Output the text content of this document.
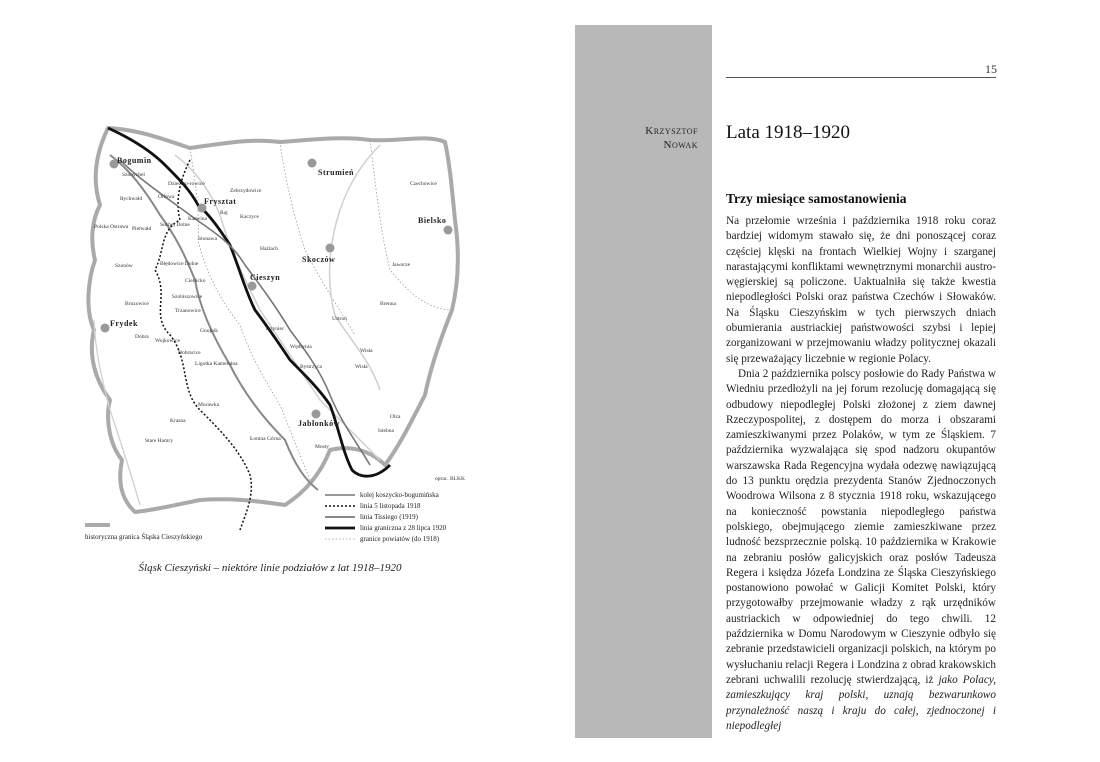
Bogumin
Frysztat
Strumień
Bielsko
Skoczów
Cieszyn
Frydek
Jabłonków
Szonychel
Dziećmo-rowice
Rychwałd	Orłowa
Karwina
Polska Ostrawa Pietwałd
Suchej Dolne
Stonawa
Zebrzydowice
Raj
Kaczyce
Hażlach
Szonów	Błędowice Dolne
Cierlicko
Szobiszowice
Trzanowice
Bruzowice
Dobra
Wojkowice
Gnojnik	Trzyniec
Wędrynia
Dobracice
Ligotka Kameralna	Bystrzyca
Morawka
Krasna
Stare Hamry	Łomna Górna
Mosty
Istebna
Wisła
Ustroń
Brenna
Jaworze
Czechowice
Olza
Wisła
oprac. BLKK
kolej koszycko-bogumińska
linia 5 listopada 1918
linia Tissiego (1919)
linia graniczna z 28 lipca 1920
granice powiatów (do 1918)
historyczna granica Śląska Cieszyńskiego
Śląsk Cieszyński – niektóre linie podziałów z lat 1918–1920
15
Krzysztof Nowak
Lata 1918–1920
Trzy miesiące samostanowienia

Na przełomie września i października 1918 roku coraz bardziej widomym stawało się, że dni ponoszącej coraz częściej klęski na frontach Wielkiej Wojny i szarganej narastającymi konfliktami wewnętrznymi monarchii austro-węgierskiej są policzone. Uaktualniła się także kwestia niepodległości Polski oraz państwa Czechów i Słowaków. Na Śląsku Cieszyńskim w tych pierwszych dniach obumierania austriackiej państwowości szybsi i lepiej zorganizowani w przejmowaniu władzy politycznej okazali się przeważający liczebnie w regionie Polacy.

Dnia 2 października polscy posłowie do Rady Państwa w Wiedniu przedłożyli na jej forum rezolucję domagającą się odbudowy niepodległej Polski złożonej z ziem dawnej Rzeczypospolitej, z dostępem do morza i obszarami zamieszkiwanymi przez Polaków, w tym ze Śląskiem. 7 października wyzwalająca się spod nadzoru okupantów warszawska Rada Regencyjna wydała odezwę nawiązującą do 13 punktu orędzia prezydenta Stanów Zjednoczonych Woodrowa Wilsona z 8 stycznia 1918 roku, wskazującego na konieczność powstania niepodległego państwa polskiego, obejmującego ziemie zamieszkiwane przez ludność bezsprzecznie polską. 10 października w Krakowie na zebraniu posłów galicyjskich oraz posłów Tadeusza Regera i księdza Józefa Londzina ze Śląska Cieszyńskiego postanowiono powołać w Galicji Komitet Polski, który przygotowałby przejmowanie władzy z rąk urzędników austriackich w odpowiedniej do tego chwili. 12 października w Domu Narodowym w Cieszynie odbyło się zebranie przedstawicieli organizacji polskich, na którym po wysłuchaniu relacji Regera i Londzina z obrad krakowskich zebrani uchwalili rezolucję stwierdzającą, iż jako Polacy, zamieszkujący kraj polski, uznają bezwarunkowo przynależność naszą i kraju do całej, zjednoczonej i niepodległej
